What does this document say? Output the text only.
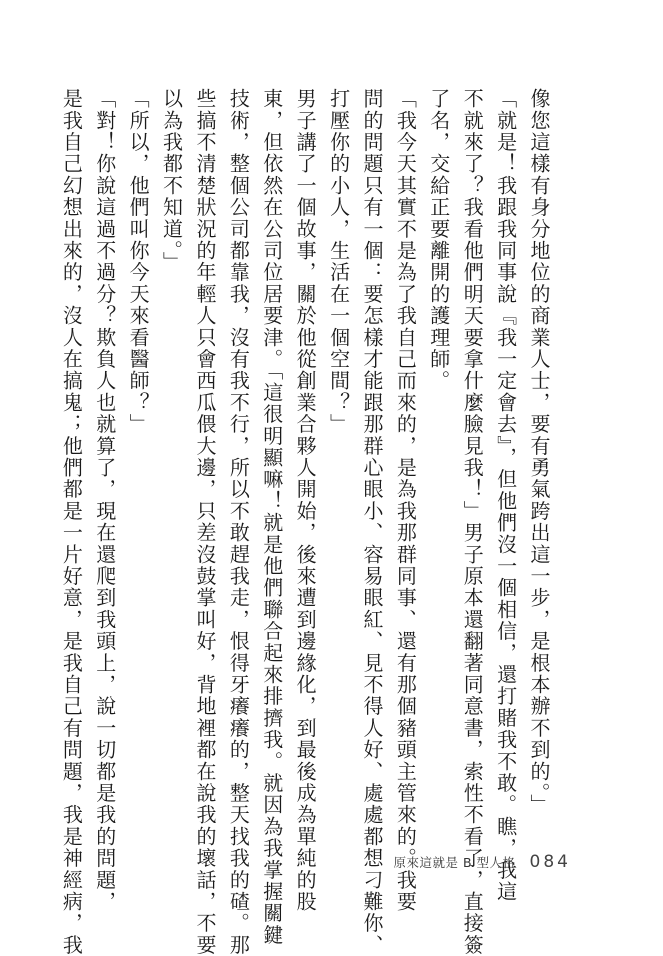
像您這樣有身分地位的商業人士，要有勇氣跨出這一步，是根本辦不到的。」
「就是！我跟我同事說『我一定會去』，但他們沒一個相信，還打賭我不敢。瞧，我這
不就來了？我看他們明天要拿什麼臉見我！」男子原本還翻著同意書，索性不看了，直接簽
了名，交給正要離開的護理師。
「我今天其實不是為了我自己而來的，是為我那群同事、還有那個豬頭主管來的。我要
問的問題只有一個：要怎樣才能跟那群心眼小、容易眼紅、見不得人好、處處都想刁難你、
打壓你的小人，生活在一個空間？」
男子講了一個故事，關於他從創業合夥人開始，後來遭到邊緣化，到最後成為單純的股
東，但依然在公司位居要津。「這很明顯嘛！就是他們聯合起來排擠我。就因為我掌握關鍵
技術，整個公司都靠我，沒有我不行，所以不敢趕我走，恨得牙癢癢的，整天找我的碴。那
些搞不清楚狀況的年輕人只會西瓜偎大邊，只差沒鼓掌叫好，背地裡都在說我的壞話，不要
以為我都不知道。」
「所以，他們叫你今天來看醫師？」
「對！你說這過不過分？欺負人也就算了，現在還爬到我頭上，說一切都是我的問題，
是我自己幻想出來的，沒人在搞鬼；他們都是一片好意，是我自己有問題，我是神經病，我	原來這就是 B 型人格 084
